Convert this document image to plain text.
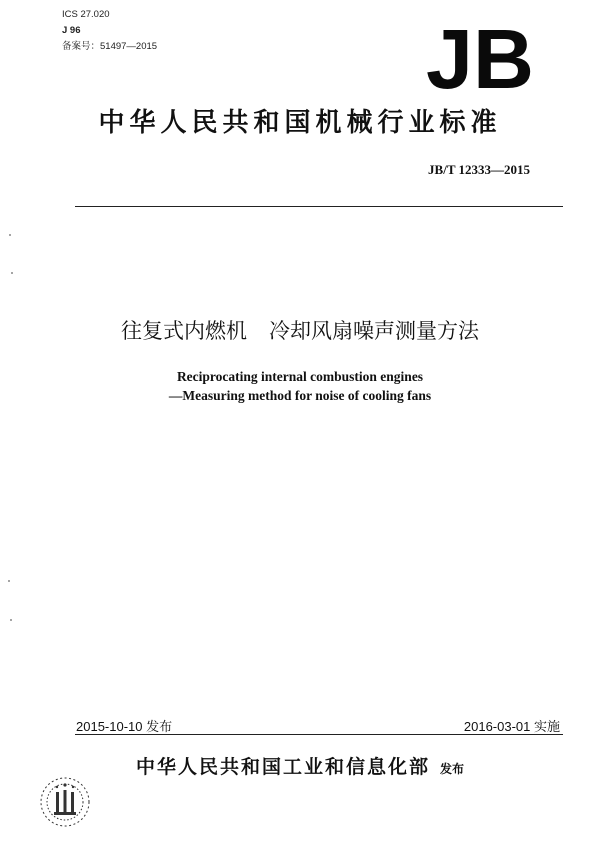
ICS 27.020
J 96
备案号：51497—2015	JB
中华人民共和国机械行业标准
JB/T 12333—2015
往复式内燃机 冷却风扇噪声测量方法
Reciprocating internal combustion engines
—Measuring method for noise of cooling fans
2015-10-10 发布	2016-03-01 实施
中华人民共和国工业和信息化部 发布
